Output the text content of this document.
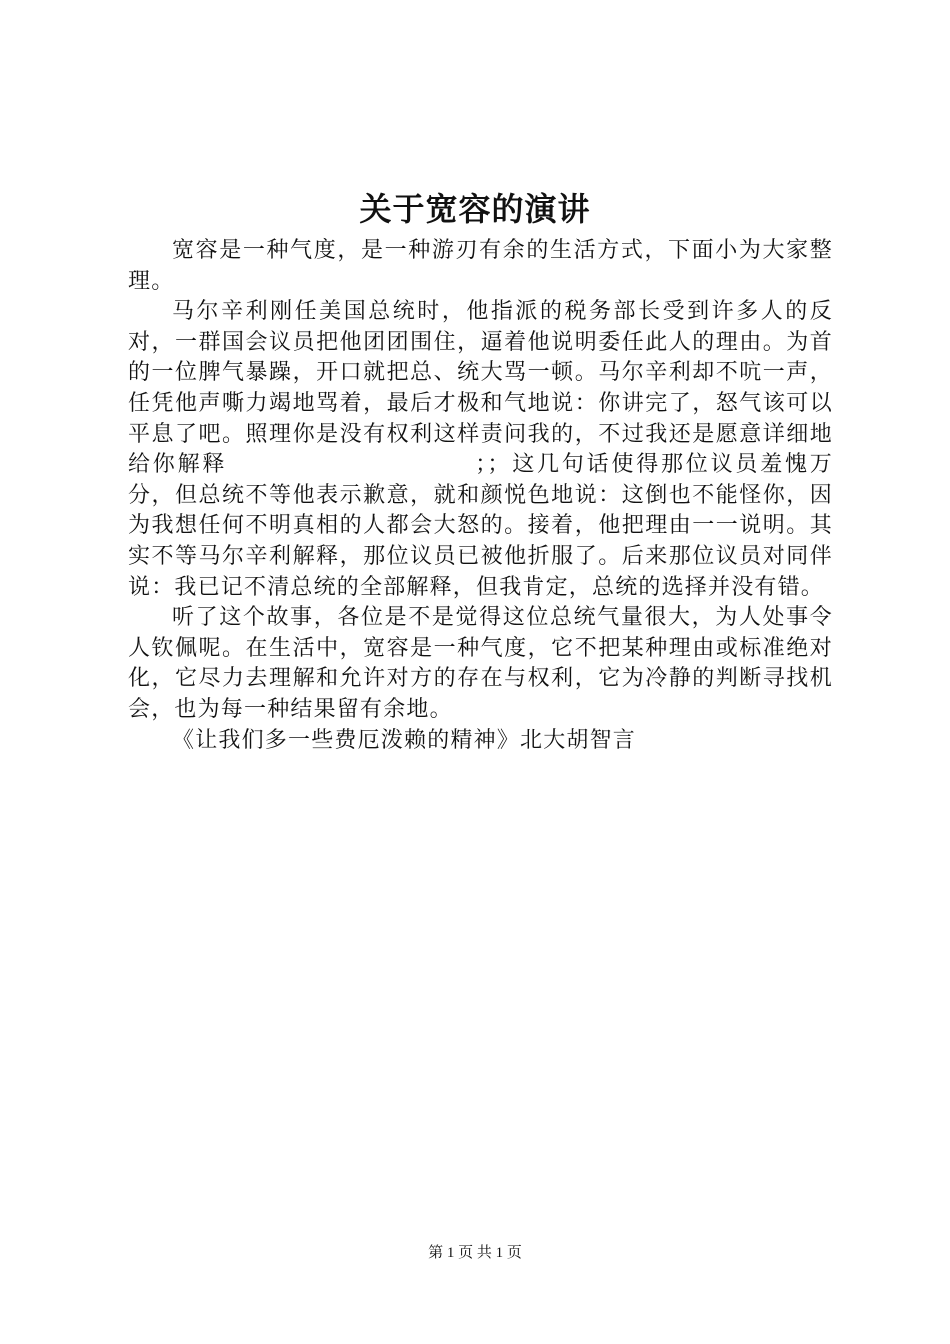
关于宽容的演讲

宽容是一种气度，是一种游刃有余的生活方式，下面小为大家整理。

马尔辛利刚任美国总统时，他指派的税务部长受到许多人的反对，一群国会议员把他团团围住，逼着他说明委任此人的理由。为首的一位脾气暴躁，开口就把总、统大骂一顿。马尔辛利却不吭一声，任凭他声嘶力竭地骂着，最后才极和气地说：你讲完了，怒气该可以平息了吧。照理你是没有权利这样责问我的，不过我还是愿意详细地给你解释　　　　　　　　　　；；这几句话使得那位议员羞愧万分，但总统不等他表示歉意，就和颜悦色地说：这倒也不能怪你，因为我想任何不明真相的人都会大怒的。接着，他把理由一一说明。其实不等马尔辛利解释，那位议员已被他折服了。后来那位议员对同伴说：我已记不清总统的全部解释，但我肯定，总统的选择并没有错。

听了这个故事，各位是不是觉得这位总统气量很大，为人处事令人钦佩呢。在生活中，宽容是一种气度，它不把某种理由或标准绝对化，它尽力去理解和允许对方的存在与权利，它为冷静的判断寻找机会，也为每一种结果留有余地。

《让我们多一些费厄泼赖的精神》北大胡智言

第 1 页 共 1 页
